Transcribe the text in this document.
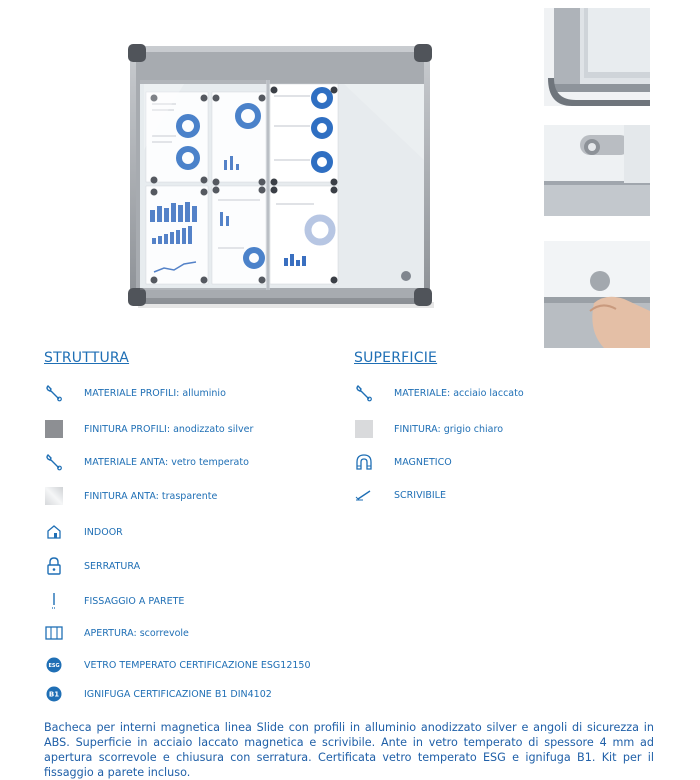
STRUTTURA	SUPERFICIE
MATERIALE PROFILI: alluminio
FINITURA PROFILI: anodizzato silver
MATERIALE ANTA: vetro temperato
FINITURA ANTA: trasparente
INDOOR
SERRATURA
FISSAGGIO A PARETE
APERTURA: scorrevole
ESG	VETRO TEMPERATO CERTIFICAZIONE ESG12150
B1	IGNIFUGA CERTIFICAZIONE B1 DIN4102
MATERIALE: acciaio laccato
FINITURA: grigio chiaro
MAGNETICO
SCRIVIBILE
Bacheca per interni magnetica linea Slide con profili in alluminio anodizzato silver e angoli di sicurezza in ABS. Superficie in acciaio laccato magnetica e scrivibile. Ante in vetro temperato di spessore 4 mm ad apertura scorrevole e chiusura con serratura. Certificata vetro temperato ESG e ignifuga B1. Kit per il fissaggio a parete incluso.
